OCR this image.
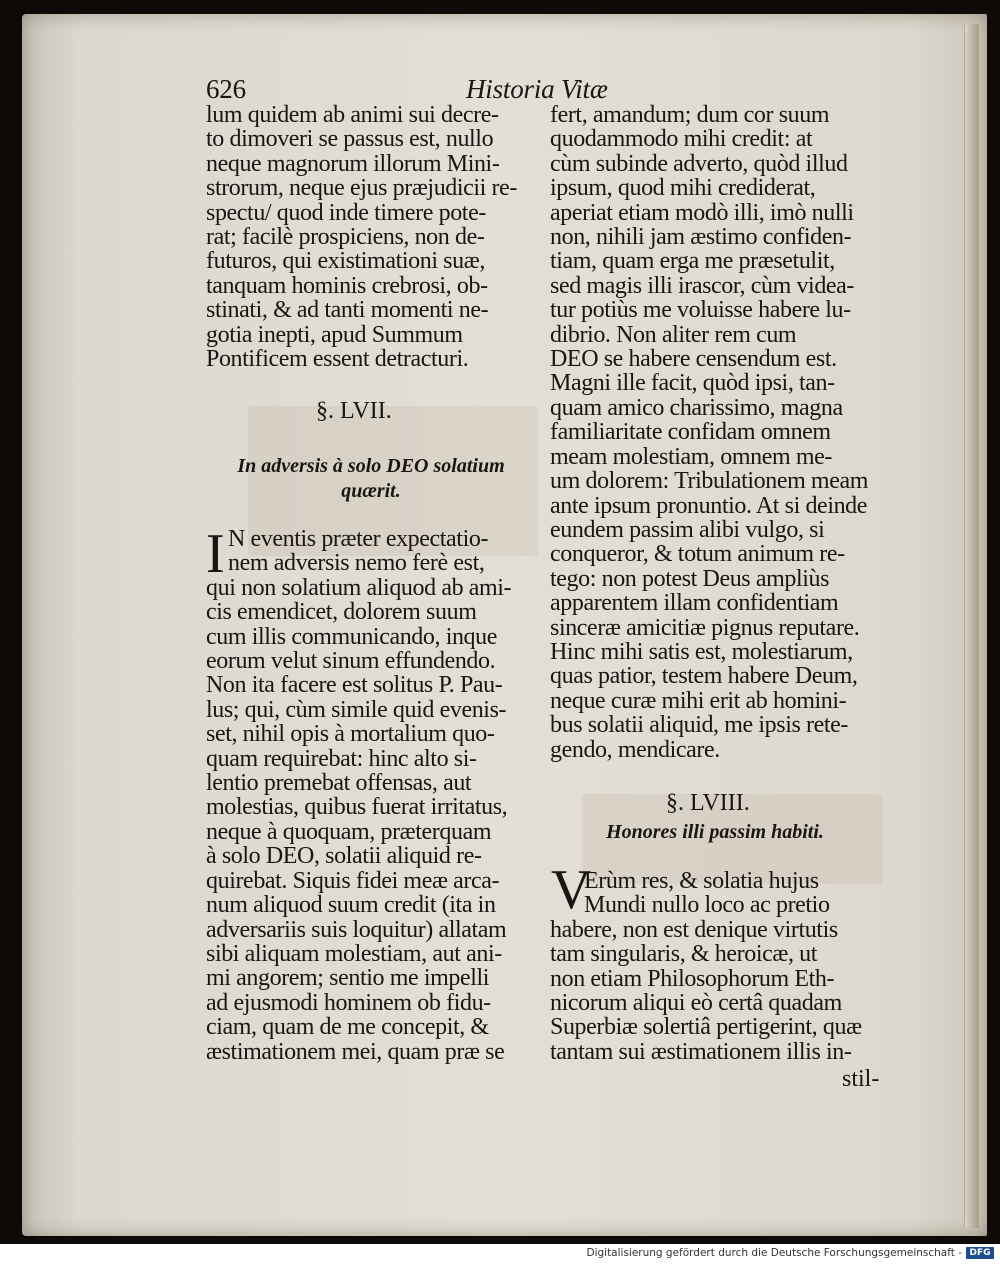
626	Historia Vitæ
lum quidem ab animi sui decre-
to dimoveri se passus est, nullo
neque magnorum illorum Mini-
strorum, neque ejus præjudicii re-
spectu/ quod inde timere pote-
rat; facilè prospiciens, non de-
futuros, qui existimationi suæ,
tanquam hominis crebrosi, ob-
stinati, & ad tanti momenti ne-
gotia inepti, apud Summum
Pontificem essent detracturi.
§. LVII.
In adversis à solo DEO solatium
quærit.
I N eventis præter expectatio-
nem adversis nemo ferè est,
qui non solatium aliquod ab ami-
cis emendicet, dolorem suum
cum illis communicando, inque
eorum velut sinum effundendo.
Non ita facere est solitus P. Pau-
lus; qui, cùm simile quid evenis-
set, nihil opis à mortalium quo-
quam requirebat: hinc alto si-
lentio premebat offensas, aut
molestias, quibus fuerat irritatus,
neque à quoquam, præterquam
à solo DEO, solatii aliquid re-
quirebat. Siquis fidei meæ arca-
num aliquod suum credit (ita in
adversariis suis loquitur) allatam
sibi aliquam molestiam, aut ani-
mi angorem; sentio me impelli
ad ejusmodi hominem ob fidu-
ciam, quam de me concepit, &
æstimationem mei, quam præ se
fert, amandum; dum cor suum
quodammodo mihi credit: at
cùm subinde adverto, quòd illud
ipsum, quod mihi crediderat,
aperiat etiam modò illi, imò nulli
non, nihili jam æstimo confiden-
tiam, quam erga me præsetulit,
sed magis illi irascor, cùm videa-
tur potiùs me voluisse habere lu-
dibrio. Non aliter rem cum
DEO se habere censendum est.
Magni ille facit, quòd ipsi, tan-
quam amico charissimo, magna
familiaritate confidam omnem
meam molestiam, omnem me-
um dolorem: Tribulationem meam
ante ipsum pronuntio. At si deinde
eundem passim alibi vulgo, si
conqueror, & totum animum re-
tego: non potest Deus ampliùs
apparentem illam confidentiam
sinceræ amicitiæ pignus reputare.
Hinc mihi satis est, molestiarum,
quas patior, testem habere Deum,
neque curæ mihi erit ab homini-
bus solatii aliquid, me ipsis rete-
gendo, mendicare.
§. LVIII.
Honores illi passim habiti.
V
Erùm res, & solatia hujus
Mundi nullo loco ac pretio
habere, non est denique virtutis
tam singularis, & heroicæ, ut
non etiam Philosophorum Eth-
nicorum aliqui eò certâ quadam
Superbiæ solertiâ pertigerint, quæ
tantam sui æstimationem illis in-
stil-
Digitalisierung gefördert durch die Deutsche Forschungsgemeinschaft - DFG
